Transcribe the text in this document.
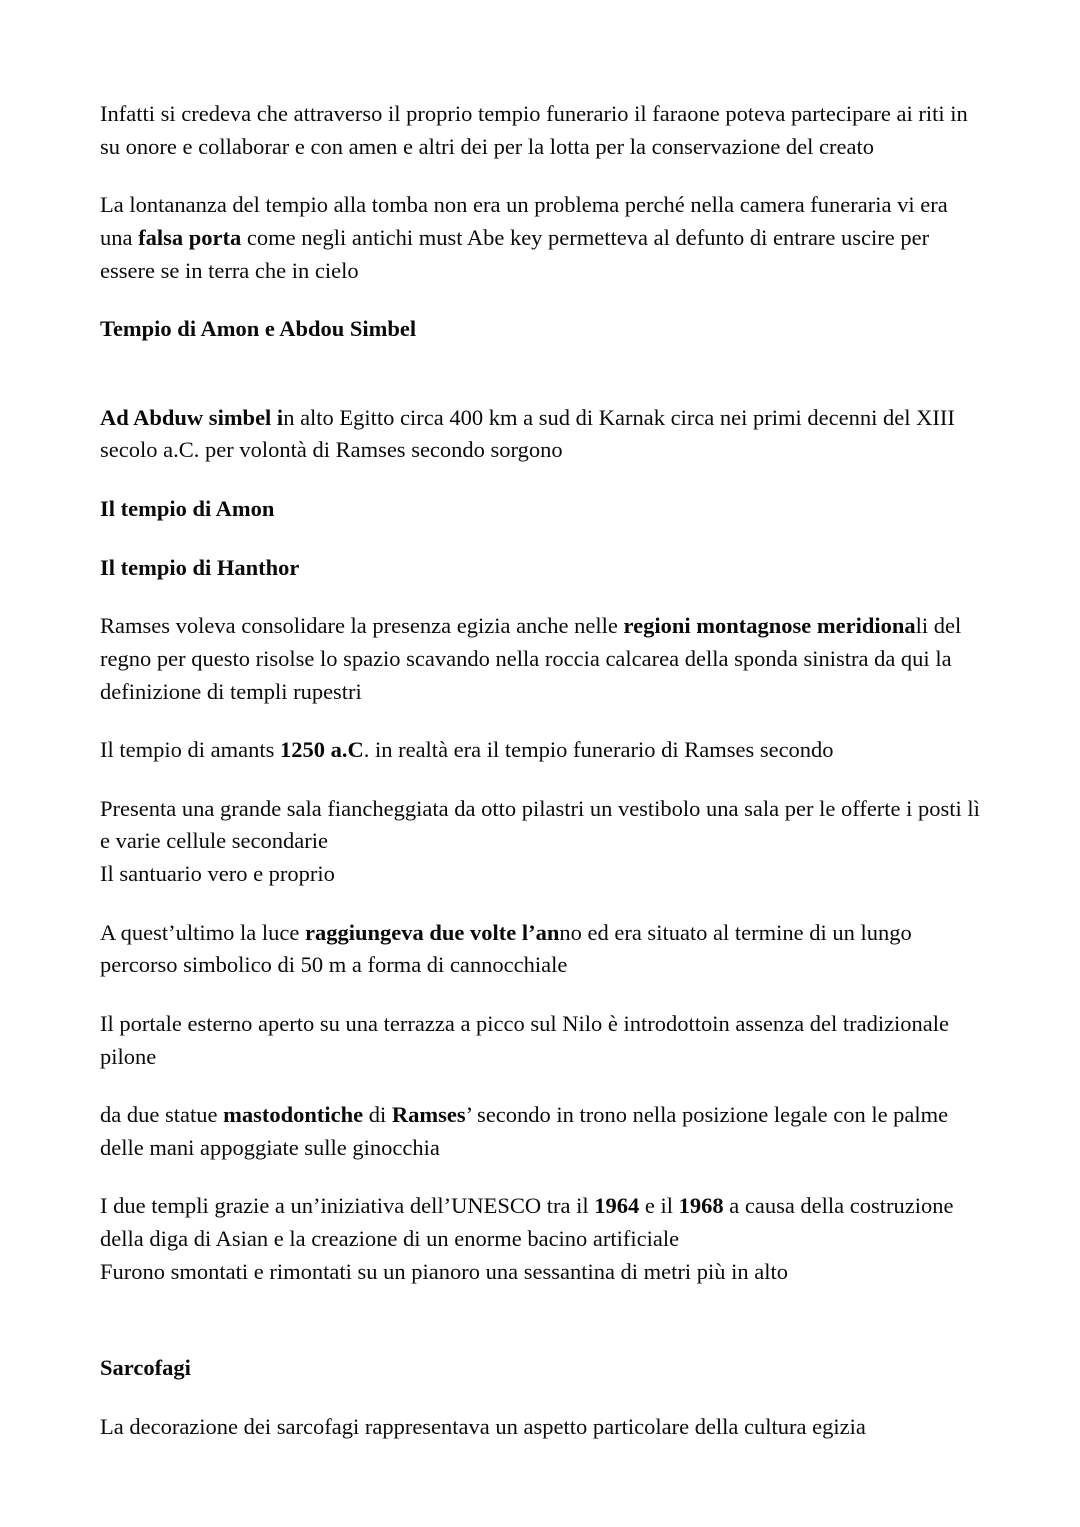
Infatti si credeva che attraverso il proprio tempio funerario il faraone poteva partecipare ai riti in su onore e collaborar e con amen e altri dei per la lotta per la conservazione del creato

La lontananza del tempio alla tomba non era un problema perché nella camera funeraria vi era una falsa porta come negli antichi must Abe key permetteva al defunto di entrare uscire per essere se in terra che in cielo

Tempio di Amon e Abdou Simbel

Ad Abduw simbel in alto Egitto circa 400 km a sud di Karnak circa nei primi decenni del XIII secolo a.C. per volontà di Ramses secondo sorgono

Il tempio di Amon

Il tempio di Hanthor

Ramses voleva consolidare la presenza egizia anche nelle regioni montagnose meridionali del regno per questo risolse lo spazio scavando nella roccia calcarea della sponda sinistra da qui la definizione di templi rupestri

Il tempio di amants 1250 a.C. in realtà era il tempio funerario di Ramses secondo

Presenta una grande sala fiancheggiata da otto pilastri un vestibolo una sala per le offerte i posti lì e varie cellule secondarie

Il santuario vero e proprio

A quest’ultimo la luce raggiungeva due volte l’anno ed era situato al termine di un lungo percorso simbolico di 50 m a forma di cannocchiale

Il portale esterno aperto su una terrazza a picco sul Nilo è introdottoin assenza del tradizionale pilone

da due statue mastodontiche di Ramses’ secondo in trono nella posizione legale con le palme delle mani appoggiate sulle ginocchia

I due templi grazie a un’iniziativa dell’UNESCO tra il 1964 e il 1968 a causa della costruzione della diga di Asian e la creazione di un enorme bacino artificiale

Furono smontati e rimontati su un pianoro una sessantina di metri più in alto

Sarcofagi

La decorazione dei sarcofagi rappresentava un aspetto particolare della cultura egizia
